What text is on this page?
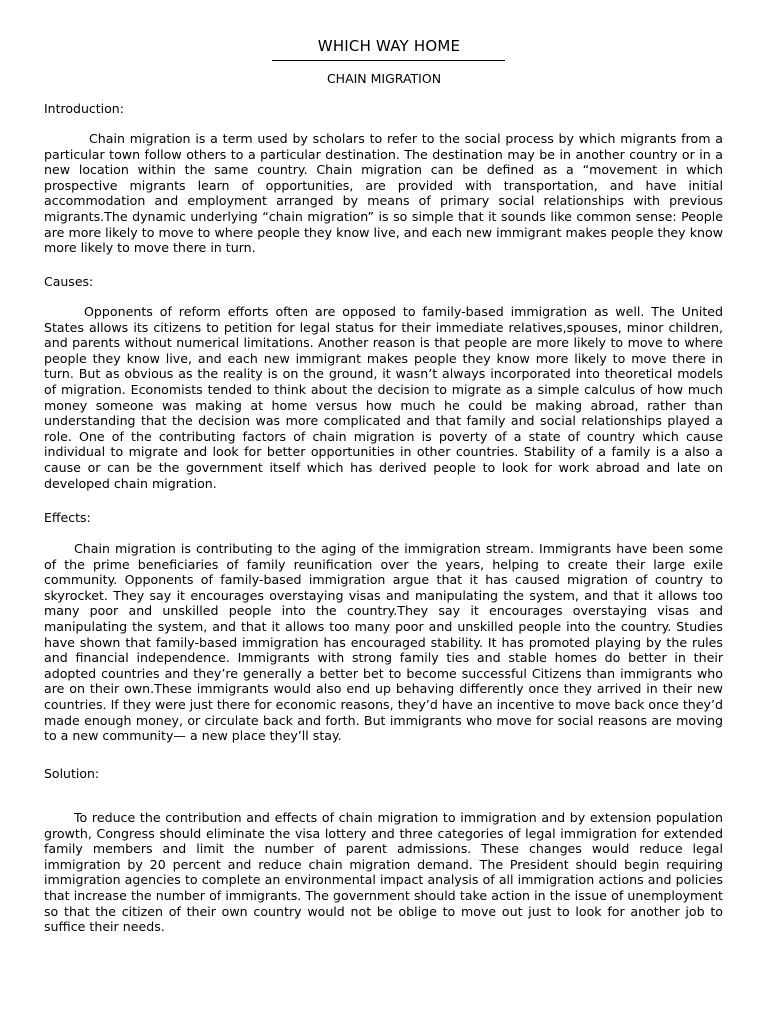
WHICH WAY HOME
CHAIN MIGRATION
Introduction:

Chain migration is a term used by scholars to refer to the social process by which migrants from a particular town follow others to a particular destination. The destination may be in another country or in a new location within the same country. Chain migration can be defined as a “movement in which prospective migrants learn of opportunities, are provided with transportation, and have initial accommodation and employment arranged by means of primary social relationships with previous migrants.The dynamic underlying “chain migration” is so simple that it sounds like common sense: People are more likely to move to where people they know live, and each new immigrant makes people they know more likely to move there in turn.

Causes:

Opponents of reform efforts often are opposed to family-based immigration as well. The United States allows its citizens to petition for legal status for their immediate relatives,spouses, minor children, and parents without numerical limitations. Another reason is that people are more likely to move to where people they know live, and each new immigrant makes people they know more likely to move there in turn. But as obvious as the reality is on the ground, it wasn’t always incorporated into theoretical models of migration. Economists tended to think about the decision to migrate as a simple calculus of how much money someone was making at home versus how much he could be making abroad, rather than understanding that the decision was more complicated and that family and social relationships played a role. One of the contributing factors of chain migration is poverty of a state of country which cause individual to migrate and look for better opportunities in other countries. Stability of a family is a also a cause or can be the government itself which has derived people to look for work abroad and late on developed chain migration.

Effects:

Chain migration is contributing to the aging of the immigration stream. Immigrants have been some of the prime beneficiaries of family reunification over the years, helping to create their large exile community. Opponents of family-based immigration argue that it has caused migration of country to skyrocket. They say it encourages overstaying visas and manipulating the system, and that it allows too many poor and unskilled people into the country.They say it encourages overstaying visas and manipulating the system, and that it allows too many poor and unskilled people into the country. Studies have shown that family-based immigration has encouraged stability. It has promoted playing by the rules and financial independence. Immigrants with strong family ties and stable homes do better in their adopted countries and they’re generally a better bet to become successful Citizens than immigrants who are on their own.These immigrants would also end up behaving differently once they arrived in their new countries. If they were just there for economic reasons, they’d have an incentive to move back once they’d made enough money, or circulate back and forth. But immigrants who move for social reasons are moving to a new community— a new place they’ll stay.

Solution:

To reduce the contribution and effects of chain migration to immigration and by extension population growth, Congress should eliminate the visa lottery and three categories of legal immigration for extended family members and limit the number of parent admissions. These changes would reduce legal immigration by 20 percent and reduce chain migration demand. The President should begin requiring immigration agencies to complete an environmental impact analysis of all immigration actions and policies that increase the number of immigrants. The government should take action in the issue of unemployment so that the citizen of their own country would not be oblige to move out just to look for another job to suffice their needs.
